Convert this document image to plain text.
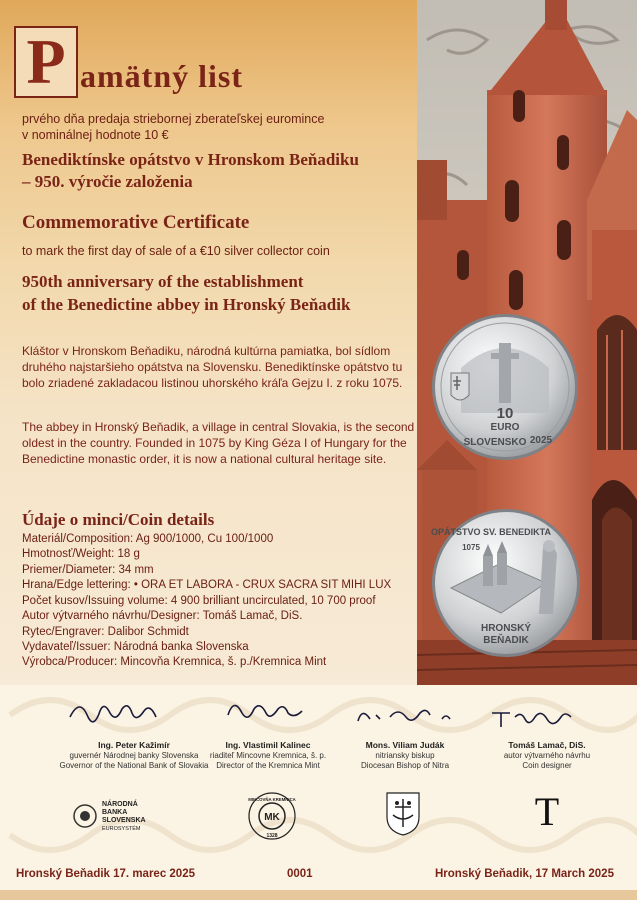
P amätný list
prvého dňa predaja striebornej zberateľskej euromince
v nominálnej hodnote 10 €
Benediktínske opátstvo v Hronskom Beňadiku
– 950. výročie založenia
Commemorative Certificate
to mark the first day of sale of a €10 silver collector coin
950th anniversary of the establishment
of the Benedictine abbey in Hronský Beňadik
Kláštor v Hronskom Beňadiku, národná kultúrna pamiatka, bol sídlom druhého najstaršieho opátstva na Slovensku. Benediktínske opátstvo tu bolo zriadené zakladacou listinou uhorského kráľa Gejzu I. z roku 1075.
The abbey in Hronský Beňadik, a village in central Slovakia, is the second oldest in the country. Founded in 1075 by King Géza I of Hungary for the Benedictine monastic order, it is now a national cultural heritage site.
Údaje o minci/Coin details
Materiál/Composition: Ag 900/1000, Cu 100/1000
Hmotnosť/Weight: 18 g
Priemer/Diameter: 34 mm
Hrana/Edge lettering: • ORA ET LABORA - CRUX SACRA SIT MIHI LUX
Počet kusov/Issuing volume: 4 900 brilliant uncirculated, 10 700 proof
Autor výtvarného návrhu/Designer: Tomáš Lamač, DiS.
Rytec/Engraver: Dalibor Schmidt
Vydavateľ/Issuer: Národná banka Slovenska
Výrobca/Producer: Mincovňa Kremnica, š. p./Kremnica Mint
10
EURO
SLOVENSKO 2025
OPÁTSTVO SV. BENEDIKTA
1075
HRONSKÝ
BEŇADIK
Ing. Peter Kažimír
guvernér Národnej banky Slovenska
Governor of the National Bank of Slovakia
Ing. Vlastimil Kalinec
riaditeľ Mincovne Kremnica, š. p.
Director of the Kremnica Mint
Mons. Viliam Judák
nitriansky biskup
Diocesan Bishop of Nitra
Tomáš Lamač, DiS.
autor výtvarného návrhu
Coin designer
NÁRODNÁ
BANKA
SLOVENSKA
EUROSYSTÉM
MINCOVŇA KREMNICA
MK
1328
T
Hronský Beňadik 17. marec 2025	0001	Hronský Beňadik, 17 March 2025
